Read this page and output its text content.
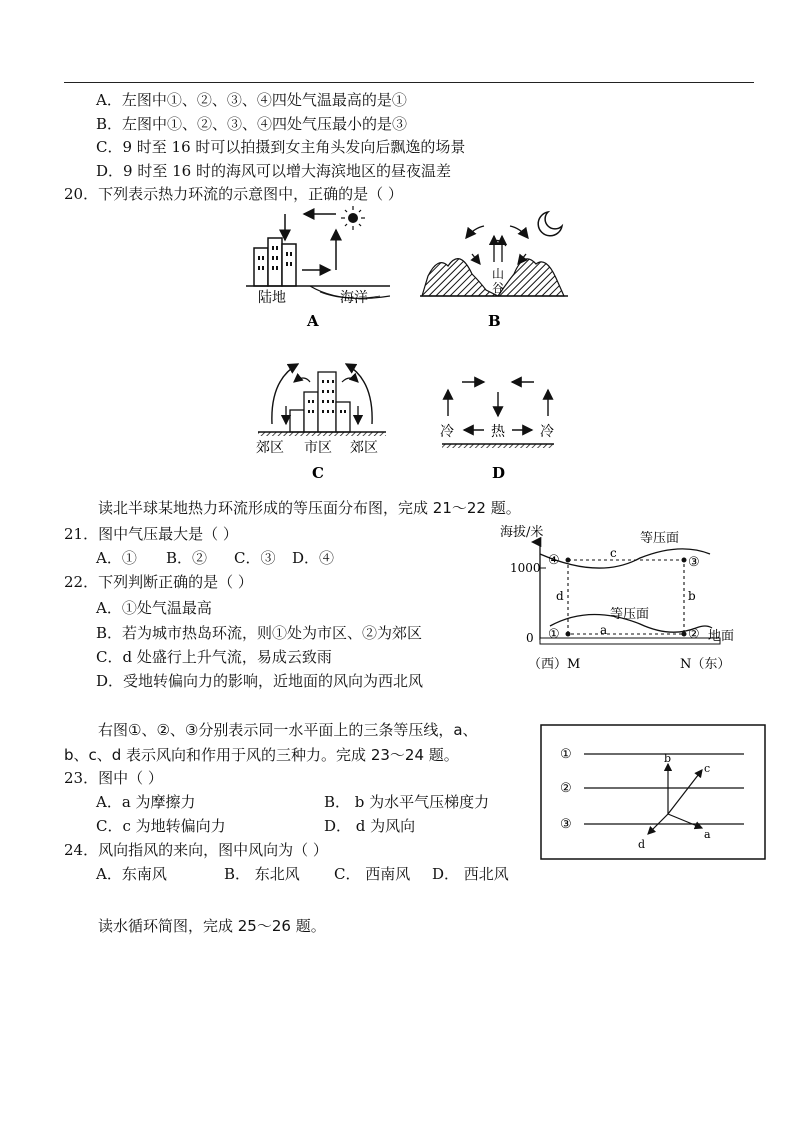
A．左图中①、②、③、④四处气温最高的是①
B．左图中①、②、③、④四处气压最小的是③
C．9 时至 16 时可以拍摄到女主角头发向后飘逸的场景
D．9 时至 16 时的海风可以增大海滨地区的昼夜温差
20．下列表示热力环流的示意图中，正确的是（ ）
陆地	海洋
A
山
谷
B
郊区 市区 郊区
C
冷	热	冷
D
读北半球某地热力环流形成的等压面分布图，完成 21～22 题。
21．图中气压最大是（ ）
A．① B．② C．③ D．④
22．下列判断正确的是（ ）
A．①处气温最高
B．若为城市热岛环流，则①处为市区、②为郊区
C．d 处盛行上升气流，易成云致雨
D．受地转偏向力的影响，近地面的风向为西北风
海拔/米
1000
0
④	③
①	②
c
a
d	b
等压面
等压面
地面
（西）M	N（东）
右图①、②、③分别表示同一水平面上的三条等压线，a、
b、c、d 表示风向和作用于风的三种力。完成 23～24 题。
23．图中（ ）
A．a 为摩擦力	B． b 为水平气压梯度力
C．c 为地转偏向力	D． d 为风向
24．风向指风的来向，图中风向为（ ）
A．东南风	B． 东北风 C． 西南风 D． 西北风
①
②
③
b
c
a
d
读水循环简图，完成 25～26 题。
